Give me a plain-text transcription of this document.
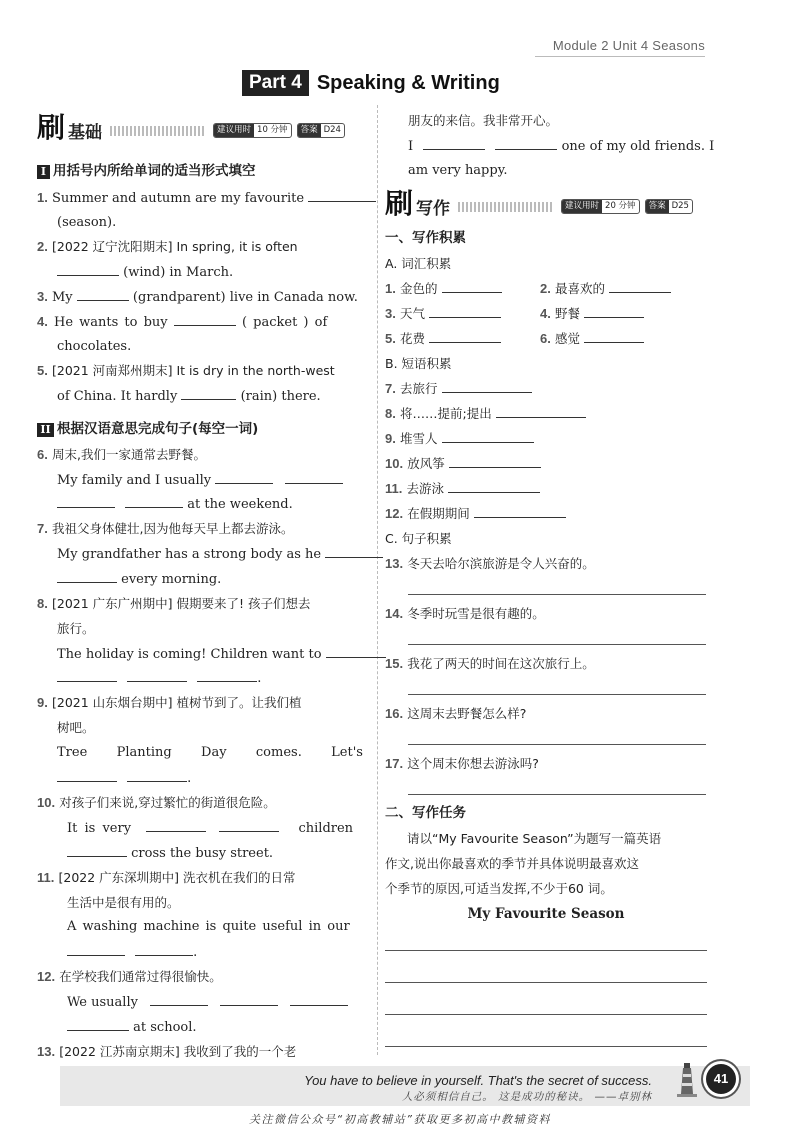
Module 2 Unit 4 Seasons
Part 4 Speaking & Writing
刷 基础	建议用时 10 分钟	答案 D24
I 用括号内所给单词的适当形式填空
1. Summer and autumn are my favourite
(season).
2. [2022 辽宁沈阳期末] In spring, it is often
(wind) in March.
3. My	(grandparent) live in Canada now.
4. He wants to buy	( packet ) of
chocolates.
5. [2021 河南郑州期末] It is dry in the north-west
of China. It hardly	(rain) there.
II 根据汉语意思完成句子(每空一词)
6. 周末,我们一家通常去野餐。
My family and I usually
at the weekend.
7. 我祖父身体健壮,因为他每天早上都去游泳。
My grandfather has a strong body as he
every morning.
8. [2021 广东广州期中] 假期要来了! 孩子们想去
旅行。
The holiday is coming! Children want to
.
9. [2021 山东烟台期中] 植树节到了。让我们植
树吧。
Tree Planting Day comes. Let's
.
10. 对孩子们来说,穿过繁忙的街道很危险。
It is very	children
cross the busy street.
11. [2022 广东深圳期中] 洗衣机在我们的日常
生活中是很有用的。
A washing machine is quite useful in our
.
12. 在学校我们通常过得很愉快。
We usually
at school.
13. [2022 江苏南京期末] 我收到了我的一个老
朋友的来信。我非常开心。
I	one of my old friends. I
am very happy.
刷 写作	建议用时 20 分钟	答案 D25
一、写作积累
A. 词汇积累
1. 金色的	2. 最喜欢的
3. 天气	4. 野餐
5. 花费	6. 感觉
B. 短语积累
7. 去旅行
8. 将……提前;提出
9. 堆雪人
10. 放风筝
11. 去游泳
12. 在假期期间
C. 句子积累
13. 冬天去哈尔滨旅游是令人兴奋的。
14. 冬季时玩雪是很有趣的。
15. 我花了两天的时间在这次旅行上。
16. 这周末去野餐怎么样?
17. 这个周末你想去游泳吗?
二、写作任务
请以“My Favourite Season”为题写一篇英语
作文,说出你最喜欢的季节并具体说明最喜欢这
个季节的原因,可适当发挥,不少于60 词。
My Favourite Season
You have to believe in yourself. That's the secret of success.
人必须相信自己。 这是成功的秘诀。 ——卓别林
41
关注微信公众号“初高教辅站”获取更多初高中教辅资料
